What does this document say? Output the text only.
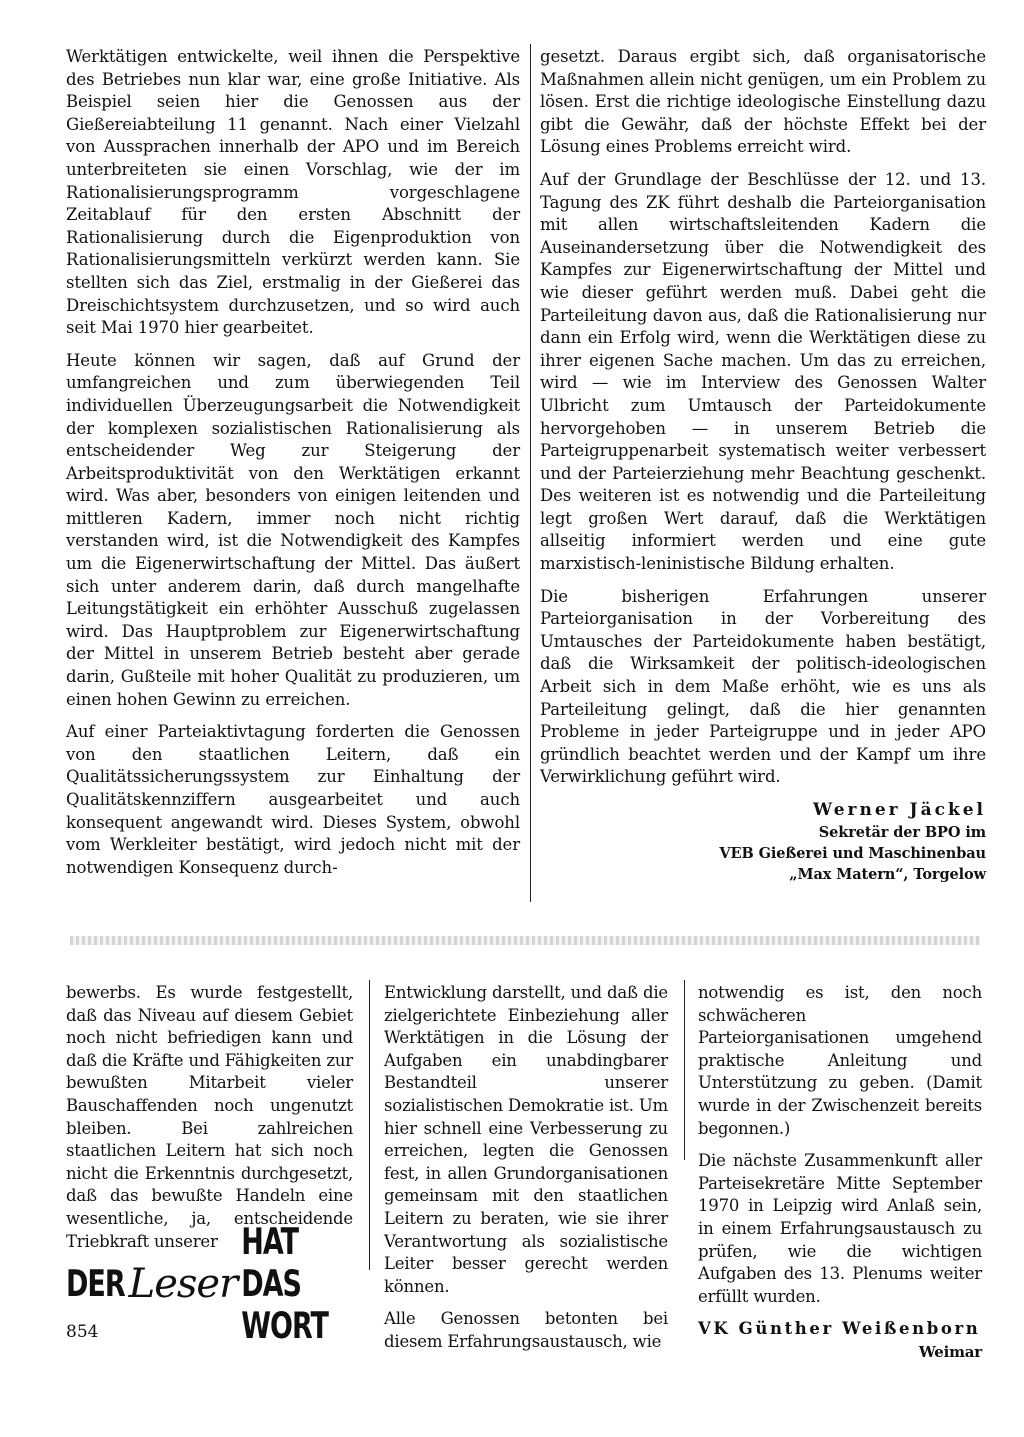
Werktätigen entwickelte, weil ihnen die Perspektive des Betriebes nun klar war, eine große Initiative. Als Beispiel seien hier die Genossen aus der Gießereiabteilung 11 genannt. Nach einer Vielzahl von Aussprachen innerhalb der APO und im Bereich unterbreiteten sie einen Vorschlag, wie der im Rationalisierungsprogramm vorgeschlagene Zeitablauf für den ersten Abschnitt der Rationalisierung durch die Eigenproduktion von Rationalisierungsmitteln verkürzt werden kann. Sie stellten sich das Ziel, erstmalig in der Gießerei das Dreischichtsystem durchzusetzen, und so wird auch seit Mai 1970 hier gearbeitet.

Heute können wir sagen, daß auf Grund der umfangreichen und zum überwiegenden Teil individuellen Überzeugungsarbeit die Notwendigkeit der komplexen sozialistischen Rationalisierung als entscheidender Weg zur Steigerung der Arbeitsproduktivität von den Werktätigen erkannt wird. Was aber, besonders von einigen leitenden und mittleren Kadern, immer noch nicht richtig verstanden wird, ist die Notwendigkeit des Kampfes um die Eigenerwirtschaftung der Mittel. Das äußert sich unter anderem darin, daß durch mangelhafte Leitungstätigkeit ein erhöhter Ausschuß zugelassen wird. Das Hauptproblem zur Eigenerwirtschaftung der Mittel in unserem Betrieb besteht aber gerade darin, Gußteile mit hoher Qualität zu produzieren, um einen hohen Gewinn zu erreichen.

Auf einer Parteiaktivtagung forderten die Genossen von den staatlichen Leitern, daß ein Qualitätssicherungssystem zur Einhaltung der Qualitätskennziffern ausgearbeitet und auch konsequent angewandt wird. Dieses System, obwohl vom Werkleiter bestätigt, wird jedoch nicht mit der notwendigen Konsequenz durch-

gesetzt. Daraus ergibt sich, daß organisatorische Maßnahmen allein nicht genügen, um ein Problem zu lösen. Erst die richtige ideologische Einstellung dazu gibt die Gewähr, daß der höchste Effekt bei der Lösung eines Problems erreicht wird.

Auf der Grundlage der Beschlüsse der 12. und 13. Tagung des ZK führt deshalb die Parteiorganisation mit allen wirtschaftsleitenden Kadern die Auseinandersetzung über die Notwendigkeit des Kampfes zur Eigenerwirtschaftung der Mittel und wie dieser geführt werden muß. Dabei geht die Parteileitung davon aus, daß die Rationalisierung nur dann ein Erfolg wird, wenn die Werktätigen diese zu ihrer eigenen Sache machen. Um das zu erreichen, wird — wie im Interview des Genossen Walter Ulbricht zum Umtausch der Parteidokumente hervorgehoben — in unserem Betrieb die Parteigruppenarbeit systematisch weiter verbessert und der Parteierziehung mehr Beachtung geschenkt. Des weiteren ist es notwendig und die Parteileitung legt großen Wert darauf, daß die Werktätigen allseitig informiert werden und eine gute marxistisch-leninistische Bildung erhalten.

Die bisherigen Erfahrungen unserer Parteiorganisation in der Vorbereitung des Umtausches der Parteidokumente haben bestätigt, daß die Wirksamkeit der politisch-ideologischen Arbeit sich in dem Maße erhöht, wie es uns als Parteileitung gelingt, daß die hier genannten Probleme in jeder Parteigruppe und in jeder APO gründlich beachtet werden und der Kampf um ihre Verwirklichung geführt wird.

Werner Jäckel
Sekretär der BPO im
VEB Gießerei und Maschinenbau
„Max Matern“, Torgelow

bewerbs. Es wurde festgestellt, daß das Niveau auf diesem Gebiet noch nicht befriedigen kann und daß die Kräfte und Fähigkeiten zur bewußten Mitarbeit vieler Bauschaffenden noch ungenutzt bleiben. Bei zahlreichen staatlichen Leitern hat sich noch nicht die Erkenntnis durchgesetzt, daß das bewußte Handeln eine wesentliche, ja, entscheidende Triebkraft unserer

Entwicklung darstellt, und daß die zielgerichtete Einbeziehung aller Werktätigen in die Lösung der Aufgaben ein unabdingbarer Bestandteil unserer sozialistischen Demokratie ist. Um hier schnell eine Verbesserung zu erreichen, legten die Genossen fest, in allen Grundorganisationen gemeinsam mit den staatlichen Leitern zu beraten, wie sie ihrer Verantwortung als sozialistische Leiter besser gerecht werden können.

Alle Genossen betonten bei diesem Erfahrungsaustausch, wie

notwendig es ist, den noch schwächeren Parteiorganisationen umgehend praktische Anleitung und Unterstützung zu geben. (Damit wurde in der Zwischenzeit bereits begonnen.)

Die nächste Zusammenkunft aller Parteisekretäre Mitte September 1970 in Leipzig wird Anlaß sein, in einem Erfahrungsaustausch zu prüfen, wie die wichtigen Aufgaben des 13. Plenums weiter erfüllt wurden.

VK Günther Weißenborn
Weimar
DER Leser
HAT DAS WORT
854
